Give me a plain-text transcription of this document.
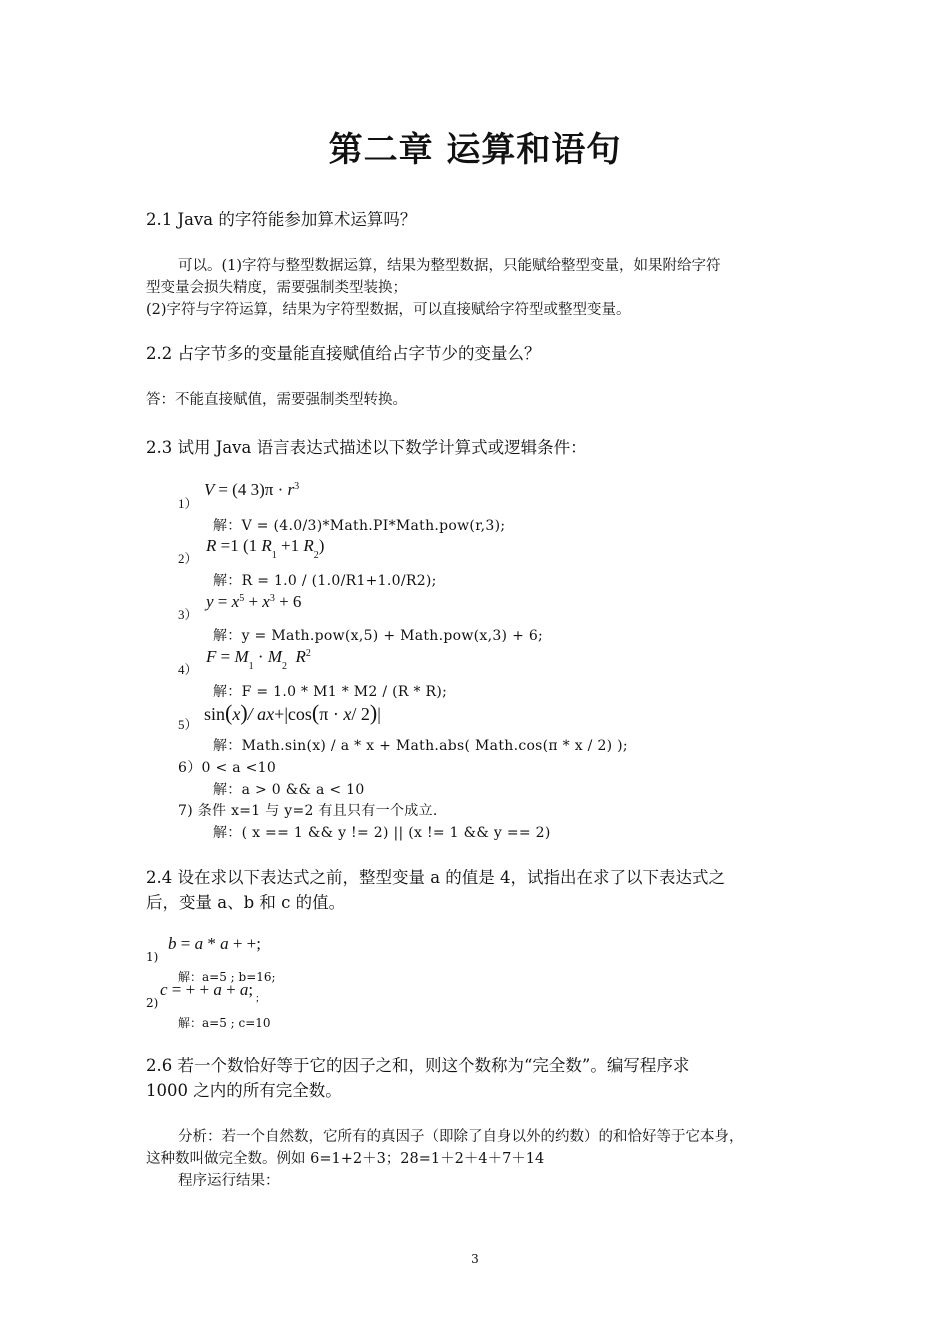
第二章 运算和语句
2.1 Java 的字符能参加算术运算吗？
可以。(1)字符与整型数据运算，结果为整型数据，只能赋给整型变量，如果附给字符
型变量会损失精度，需要强制类型装换；
(2)字符与字符运算，结果为字符型数据，可以直接赋给字符型或整型变量。
2.2 占字节多的变量能直接赋值给占字节少的变量么？
答：不能直接赋值，需要强制类型转换。
2.3 试用 Java 语言表达式描述以下数学计算式或逻辑条件：
1）
V = (4 $3)\pi \cdot r^3$
解：V = (4.0/3)*Math.PI*Math.pow(r,3);
2）
R =1 (1 $R_1 +1$ $R_2$)
解：R = 1.0 / (1.0/R1+1.0/R2);
3）
$y = x^5 + x^3 + 6$
解：y = Math.pow(x,5) + Math.pow(x,3) + 6;
4）
$F = M_1 \cdot M_2$  $R^2$
解：F = 1.0 * M1 * M2 / (R * R);
5）
sin(x)/ ax+|cos(π · x/ 2)|
解：Math.sin(x) / a * x + Math.abs( Math.cos(π * x / 2) );
6）0 < a <10
解：a > 0 && a < 10
7) 条件 x=1 与 y=2 有且只有一个成立.
解：( x == 1 && y != 2) || (x != 1 && y == 2)
2.4 设在求以下表达式之前，整型变量 a 的值是 4，试指出在求了以下表达式之
后，变量 a、b 和 c 的值。
1)
b = a * a + +;
解：a=5 ; b=16;
2)
c = + + a + a; $_;$
解：a=5 ; c=10
2.6 若一个数恰好等于它的因子之和，则这个数称为“完全数”。编写程序求
1000 之内的所有完全数。
分析：若一个自然数，它所有的真因子（即除了自身以外的约数）的和恰好等于它本身，
这种数叫做完全数。例如 6=1+2＋3；28=1＋2＋4＋7＋14
程序运行结果：
3
